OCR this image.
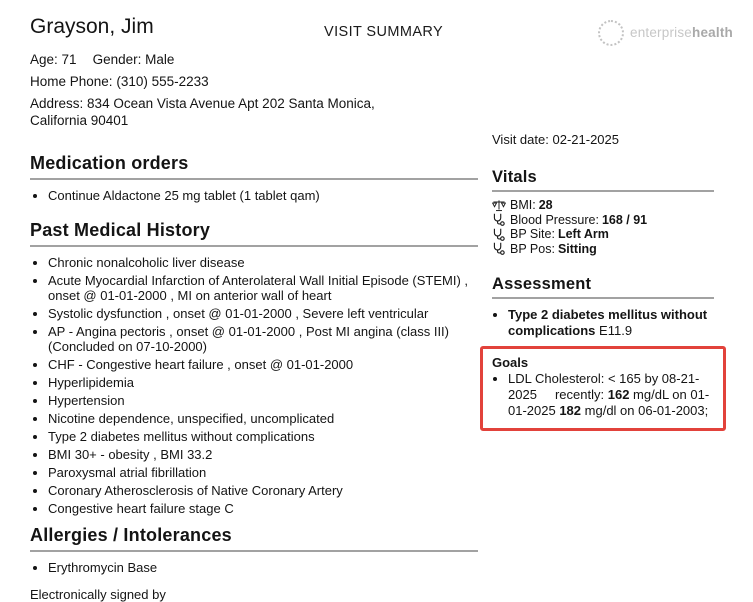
VISIT SUMMARY	enterprisehealth
Grayson, Jim
Age: 71 Gender: Male
Home Phone: (310) 555-2233
Address: 834 Ocean Vista Avenue Apt 202 Santa Monica, California 90401
Medication orders
• Continue Aldactone 25 mg tablet (1 tablet qam)
Past Medical History
• Chronic nonalcoholic liver disease
• Acute Myocardial Infarction of Anterolateral Wall Initial Episode (STEMI) , onset @ 01-01-2000 , MI on anterior wall of heart
• Systolic dysfunction , onset @ 01-01-2000 , Severe left ventricular
• AP - Angina pectoris , onset @ 01-01-2000 , Post MI angina (class III) (Concluded on 07-10-2000)
• CHF - Congestive heart failure , onset @ 01-01-2000
• Hyperlipidemia
• Hypertension
• Nicotine dependence, unspecified, uncomplicated
• Type 2 diabetes mellitus without complications
• BMI 30+ - obesity , BMI 33.2
• Paroxysmal atrial fibrillation
• Coronary Atherosclerosis of Native Coronary Artery
• Congestive heart failure stage C
Allergies / Intolerances
• Erythromycin Base
Electronically signed by
Visit date: 02-21-2025
Vitals
BMI: 28
Blood Pressure: 168 / 91
BP Site: Left Arm
BP Pos: Sitting
Assessment
• Type 2 diabetes mellitus without complications E11.9
Goals
• LDL Cholesterol: < 165 by 08-21-2025     recently: 162 mg/dL on 01-01-2025 182 mg/dl on 06-01-2003;
